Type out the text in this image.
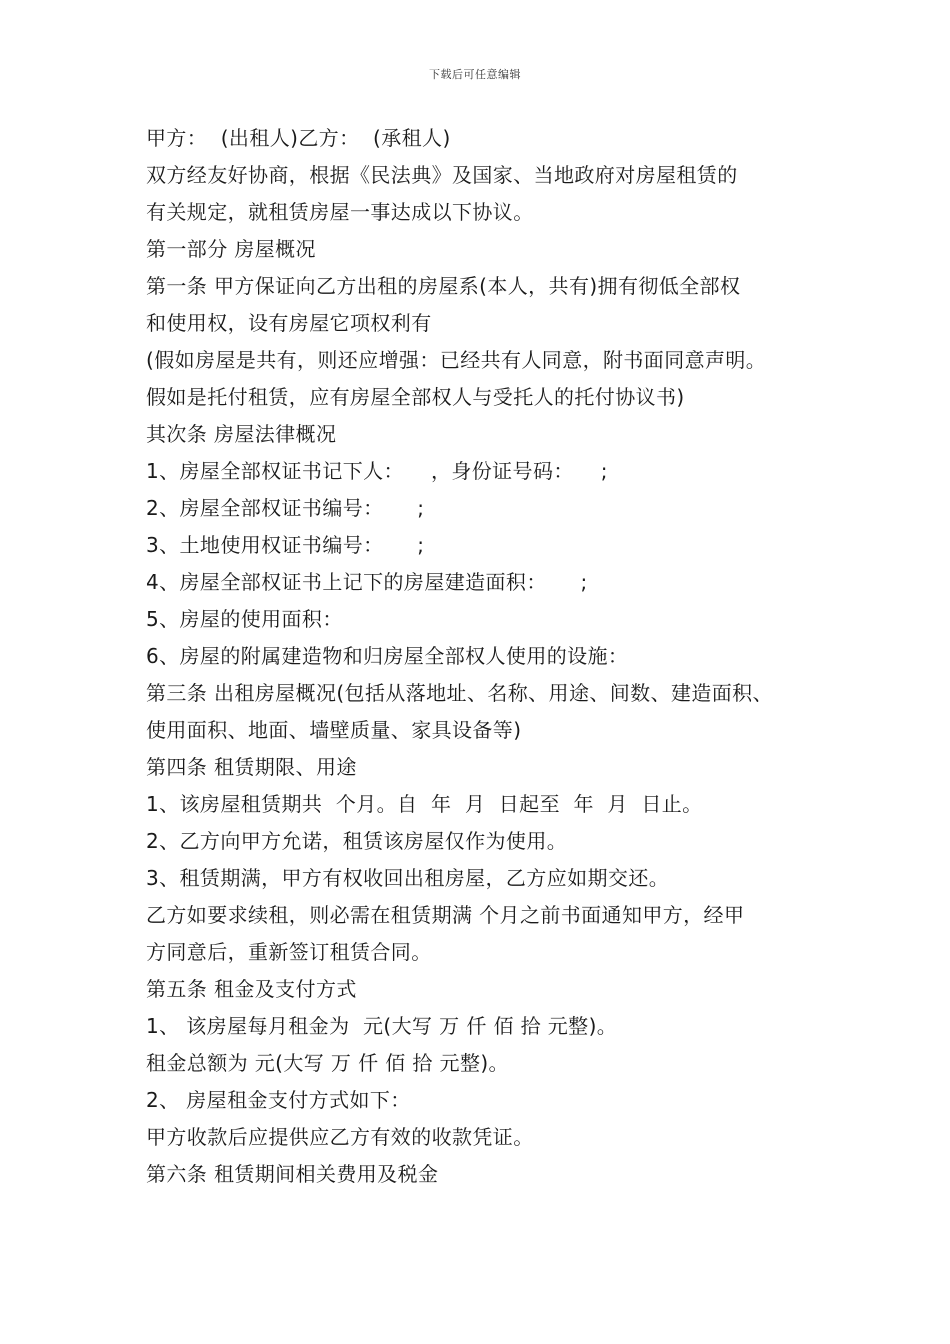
下载后可任意编辑
甲方：  (出租人)乙方：  (承租人)
双方经友好协商，根据《民法典》及国家、当地政府对房屋租赁的
有关规定，就租赁房屋一事达成以下协议。
第一部分 房屋概况
第一条 甲方保证向乙方出租的房屋系(本人，共有)拥有彻低全部权
和使用权，设有房屋它项权利有
(假如房屋是共有，则还应增强：已经共有人同意，附书面同意声明。
假如是托付租赁，应有房屋全部权人与受托人的托付协议书)
其次条 房屋法律概况
1、房屋全部权证书记下人：    ，身份证号码：    ;
2、房屋全部权证书编号：     ;
3、土地使用权证书编号：     ;
4、房屋全部权证书上记下的房屋建造面积：     ;
5、房屋的使用面积：
6、房屋的附属建造物和归房屋全部权人使用的设施：
第三条 出租房屋概况(包括从落地址、名称、用途、间数、建造面积、
使用面积、地面、墙壁质量、家具设备等)
第四条 租赁期限、用途
1、该房屋租赁期共  个月。自  年  月  日起至  年  月  日止。
2、乙方向甲方允诺，租赁该房屋仅作为使用。
3、租赁期满，甲方有权收回出租房屋，乙方应如期交还。
乙方如要求续租，则必需在租赁期满 个月之前书面通知甲方，经甲
方同意后，重新签订租赁合同。
第五条 租金及支付方式
1、 该房屋每月租金为  元(大写 万 仟 佰 拾 元整)。
租金总额为 元(大写 万 仟 佰 拾 元整)。
2、 房屋租金支付方式如下：
甲方收款后应提供应乙方有效的收款凭证。
第六条 租赁期间相关费用及税金
